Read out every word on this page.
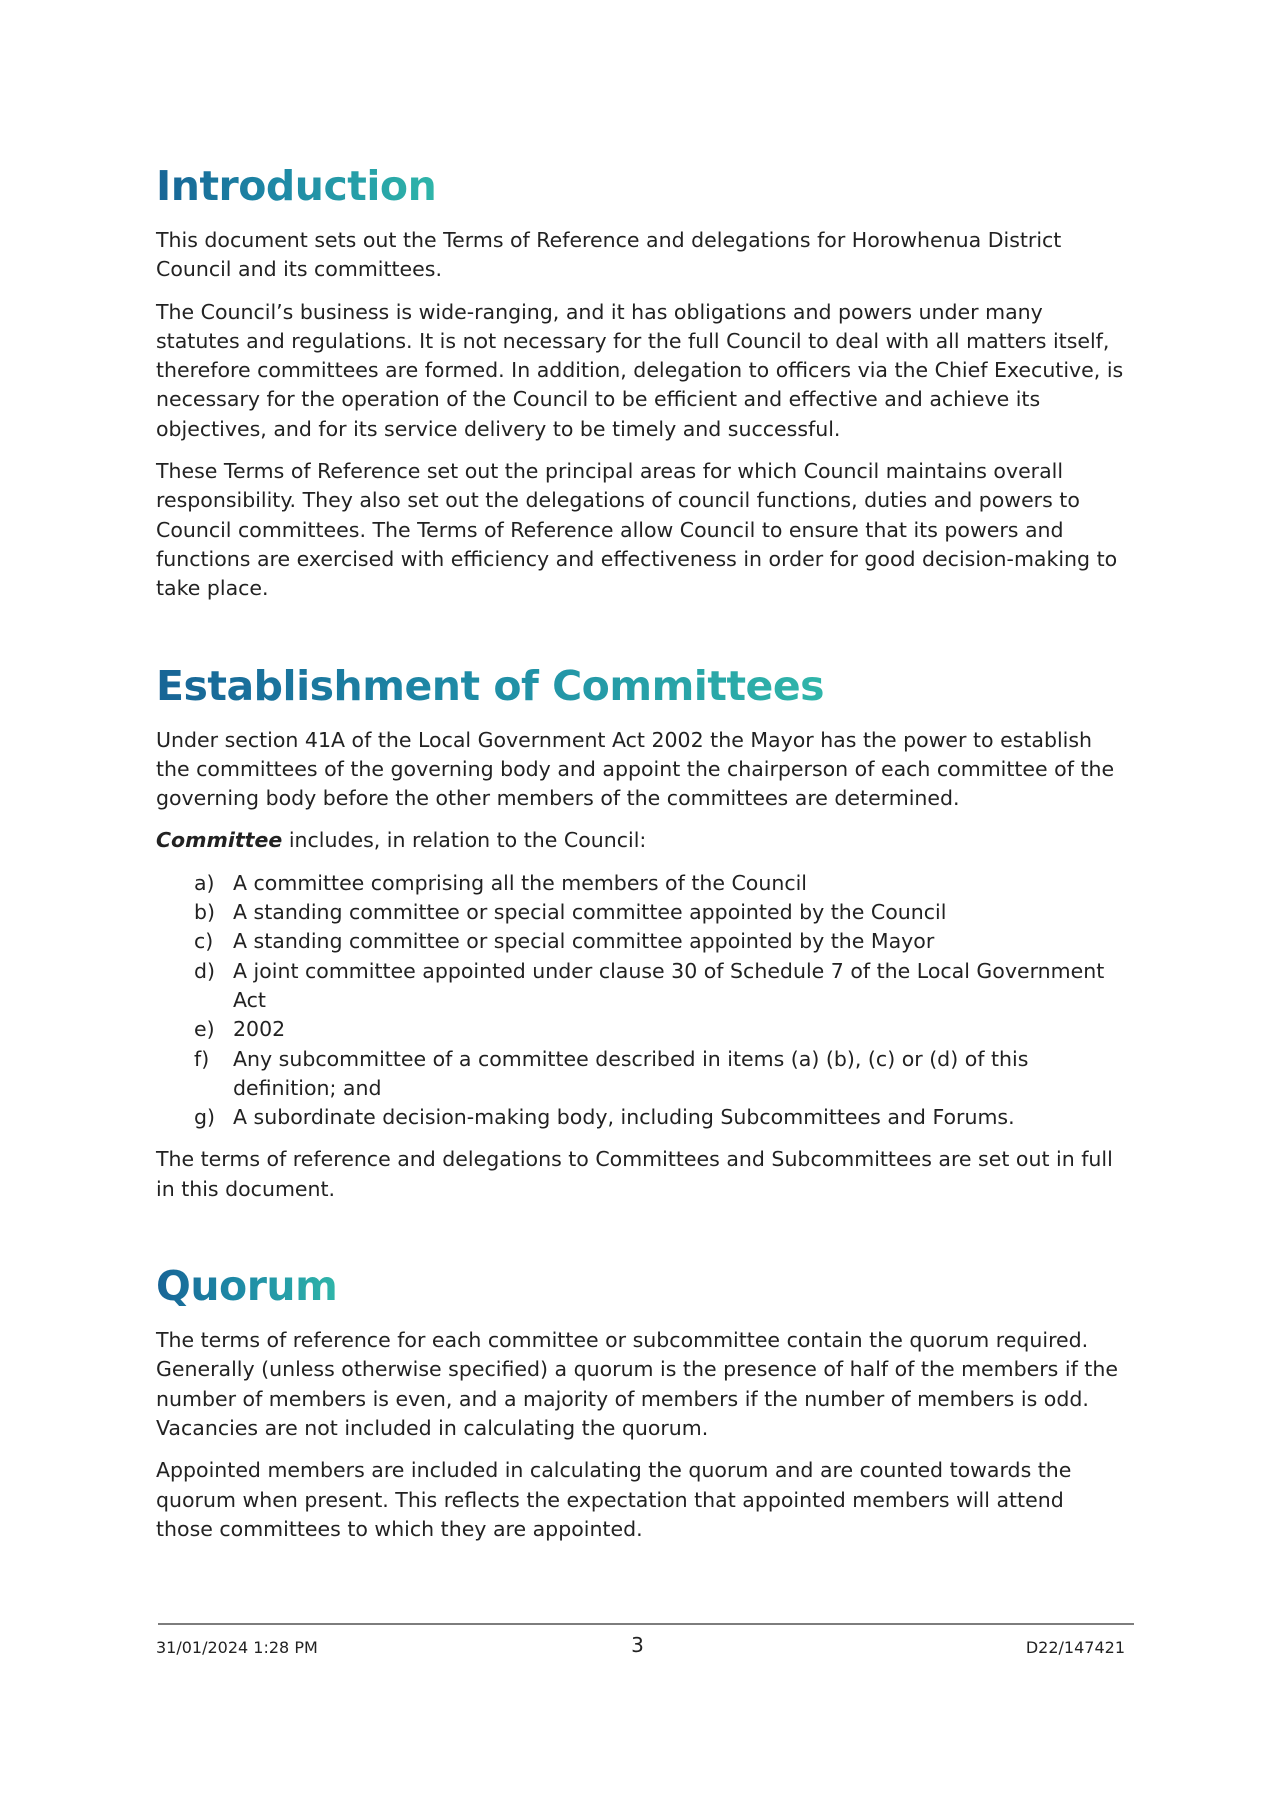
Introduction

This document sets out the Terms of Reference and delegations for Horowhenua District Council and its committees.

The Council’s business is wide-ranging, and it has obligations and powers under many statutes and regulations. It is not necessary for the full Council to deal with all matters itself, therefore committees are formed. In addition, delegation to officers via the Chief Executive, is necessary for the operation of the Council to be efficient and effective and achieve its objectives, and for its service delivery to be timely and successful.

These Terms of Reference set out the principal areas for which Council maintains overall responsibility. They also set out the delegations of council functions, duties and powers to Council committees. The Terms of Reference allow Council to ensure that its powers and functions are exercised with efficiency and effectiveness in order for good decision-making to take place.

Establishment of Committees

Under section 41A of the Local Government Act 2002 the Mayor has the power to establish the committees of the governing body and appoint the chairperson of each committee of the governing body before the other members of the committees are determined.

Committee includes, in relation to the Council:

a) A committee comprising all the members of the Council
b) A standing committee or special committee appointed by the Council
c) A standing committee or special committee appointed by the Mayor
d) A joint committee appointed under clause 30 of Schedule 7 of the Local Government Act
e) 2002
f) Any subcommittee of a committee described in items (a) (b), (c) or (d) of this definition; and
g) A subordinate decision-making body, including Subcommittees and Forums.

The terms of reference and delegations to Committees and Subcommittees are set out in full in this document.

Quorum

The terms of reference for each committee or subcommittee contain the quorum required. Generally (unless otherwise specified) a quorum is the presence of half of the members if the number of members is even, and a majority of members if the number of members is odd. Vacancies are not included in calculating the quorum.

Appointed members are included in calculating the quorum and are counted towards the quorum when present. This reflects the expectation that appointed members will attend those committees to which they are appointed.

31/01/2024 1:28 PM	3	D22/147421
